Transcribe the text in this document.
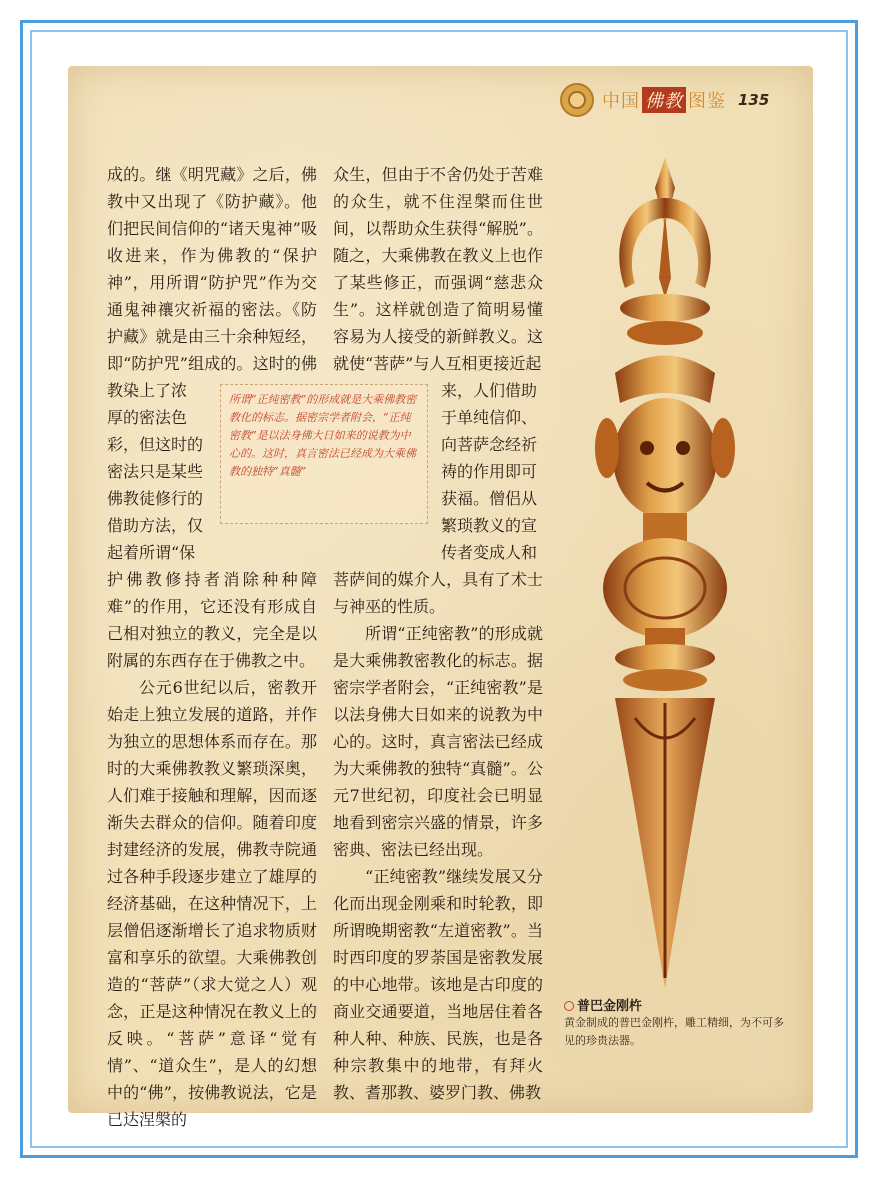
中国 佛教 图鉴 135

成的。继《明咒藏》之后，佛教中又出现了《防护藏》。他们把民间信仰的“诸天鬼神”吸收进来，作为佛教的“保护神”，用所谓“防护咒”作为交通鬼神禳灾祈福的密法。《防护藏》就是由三十余种短经，即“防护咒”组成的。这时的佛教染上了浓

厚的密法色

彩，但这时的

密法只是某些

佛教徒修行的

借助方法，仅

起着所谓“保

护佛教修持者消除种种障难”的作用，它还没有形成自己相对独立的教义，完全是以附属的东西存在于佛教之中。

公元6世纪以后，密教开始走上独立发展的道路，并作为独立的思想体系而存在。那时的大乘佛教教义繁琐深奥，人们难于接触和理解，因而逐渐失去群众的信仰。随着印度封建经济的发展，佛教寺院通过各种手段逐步建立了雄厚的经济基础，在这种情况下，上层僧侣逐渐增长了追求物质财富和享乐的欲望。大乘佛教创造的“菩萨”（求大觉之人）观念，正是这种情况在教义上的反映。“菩萨”意译“觉有情”、“道众生”，是人的幻想中的“佛”，按佛教说法，它是已达涅槃的

众生，但由于不舍仍处于苦难的众生，就不住涅槃而住世间，以帮助众生获得“解脱”。随之，大乘佛教在教义上也作了某些修正，而强调“慈悲众生”。这样就创造了简明易懂容易为人接受的新鲜教义。这就使“菩萨”与人互相更接近起

来，人们借助

于单纯信仰、

向菩萨念经祈

祷的作用即可

获福。僧侣从

繁琐教义的宣

传者变成人和

菩萨间的媒介人，具有了术士与神巫的性质。

所谓“正纯密教”的形成就是大乘佛教密教化的标志。据密宗学者附会，“正纯密教”是以法身佛大日如来的说教为中心的。这时，真言密法已经成为大乘佛教的独特“真髓”。公元7世纪初，印度社会已明显地看到密宗兴盛的情景，许多密典、密法已经出现。

“正纯密教”继续发展又分化而出现金刚乘和时轮教，即所谓晚期密教“左道密教”。当时西印度的罗荼国是密教发展的中心地带。该地是古印度的商业交通要道，当地居住着各种人种、种族、民族，也是各种宗教集中的地带，有拜火教、耆那教、婆罗门教、佛教

所谓“正纯密教”的形成就是大乘佛教密教化的标志。据密宗学者附会，“正纯密教”是以法身佛大日如来的说教为中心的。这时，真言密法已经成为大乘佛教的独特“真髓”
普巴金刚杵
黄金制成的普巴金刚杵，雕工精细，为不可多见的珍贵法器。
